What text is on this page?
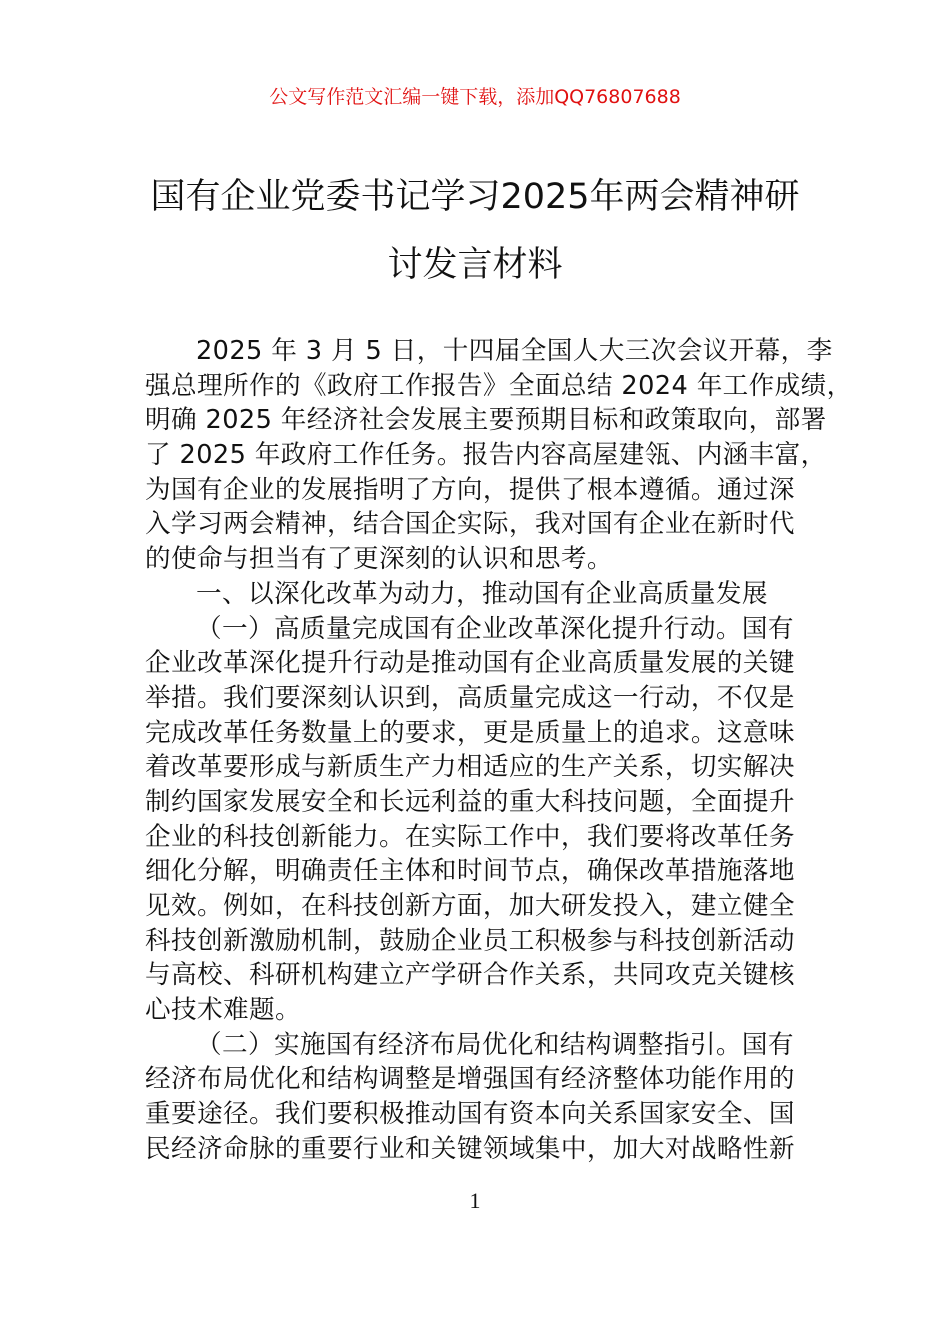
公文写作范文汇编一键下载，添加QQ76807688
国有企业党委书记学习2025年两会精神研
讨发言材料
2025 年 3 月 5 日，十四届全国人大三次会议开幕，李
强总理所作的《政府工作报告》全面总结 2024 年工作成绩，
明确 2025 年经济社会发展主要预期目标和政策取向，部署
了 2025 年政府工作任务。报告内容高屋建瓴、内涵丰富，
为国有企业的发展指明了方向，提供了根本遵循。通过深
入学习两会精神，结合国企实际，我对国有企业在新时代
的使命与担当有了更深刻的认识和思考。
一、以深化改革为动力，推动国有企业高质量发展
（一）高质量完成国有企业改革深化提升行动。国有
企业改革深化提升行动是推动国有企业高质量发展的关键
举措。我们要深刻认识到，高质量完成这一行动，不仅是
完成改革任务数量上的要求，更是质量上的追求。这意味
着改革要形成与新质生产力相适应的生产关系，切实解决
制约国家发展安全和长远利益的重大科技问题，全面提升
企业的科技创新能力。在实际工作中，我们要将改革任务
细化分解，明确责任主体和时间节点，确保改革措施落地
见效。例如，在科技创新方面，加大研发投入，建立健全
科技创新激励机制，鼓励企业员工积极参与科技创新活动
与高校、科研机构建立产学研合作关系，共同攻克关键核
心技术难题。
（二）实施国有经济布局优化和结构调整指引。国有
经济布局优化和结构调整是增强国有经济整体功能作用的
重要途径。我们要积极推动国有资本向关系国家安全、国
民经济命脉的重要行业和关键领域集中，加大对战略性新
1
